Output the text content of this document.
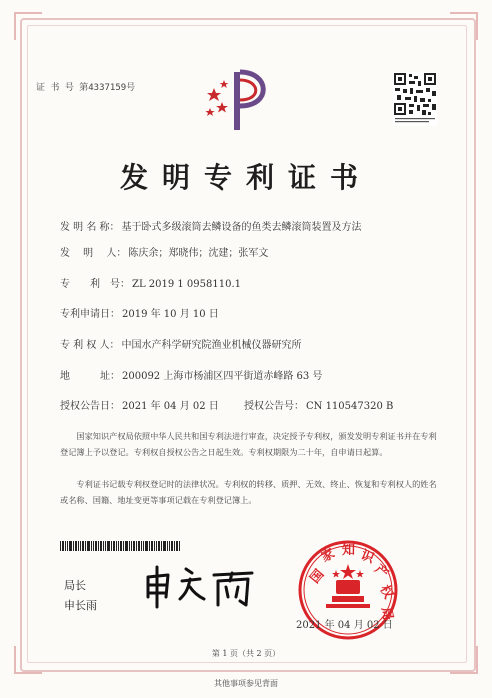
证 书 号 第4337159号
发明专利证书
发 明 名 称： 基于卧式多级滚筒去鳞设备的鱼类去鳞滚筒装置及方法
发　 明 　人： 陈庆余；郑晓伟；沈建；张军文
专　　利　号： ZL 2019 1 0958110.1
专利申请日： 2019 年 10 月 10 日
专 利 权 人： 中国水产科学研究院渔业机械仪器研究所
地　　　址： 200092 上海市杨浦区四平街道赤峰路 63 号
授权公告日： 2021 年 04 月 02 日	授权公告号： CN 110547320 B
国家知识产权局依照中华人民共和国专利法进行审查，决定授予专利权，颁发发明专利证书并在专利登记簿上予以登记。专利权自授权公告之日起生效。专利权期限为二十年，自申请日起算。
专利证书记载专利权登记时的法律状况。专利权的转移、质押、无效、终止、恢复和专利权人的姓名或名称、国籍、地址变更等事项记载在专利登记簿上。
局长
申长雨
国
家 知 识
产
权
局
2021 年 04 月 02 日
第 1 页（共 2 页）
其他事项参见背面
